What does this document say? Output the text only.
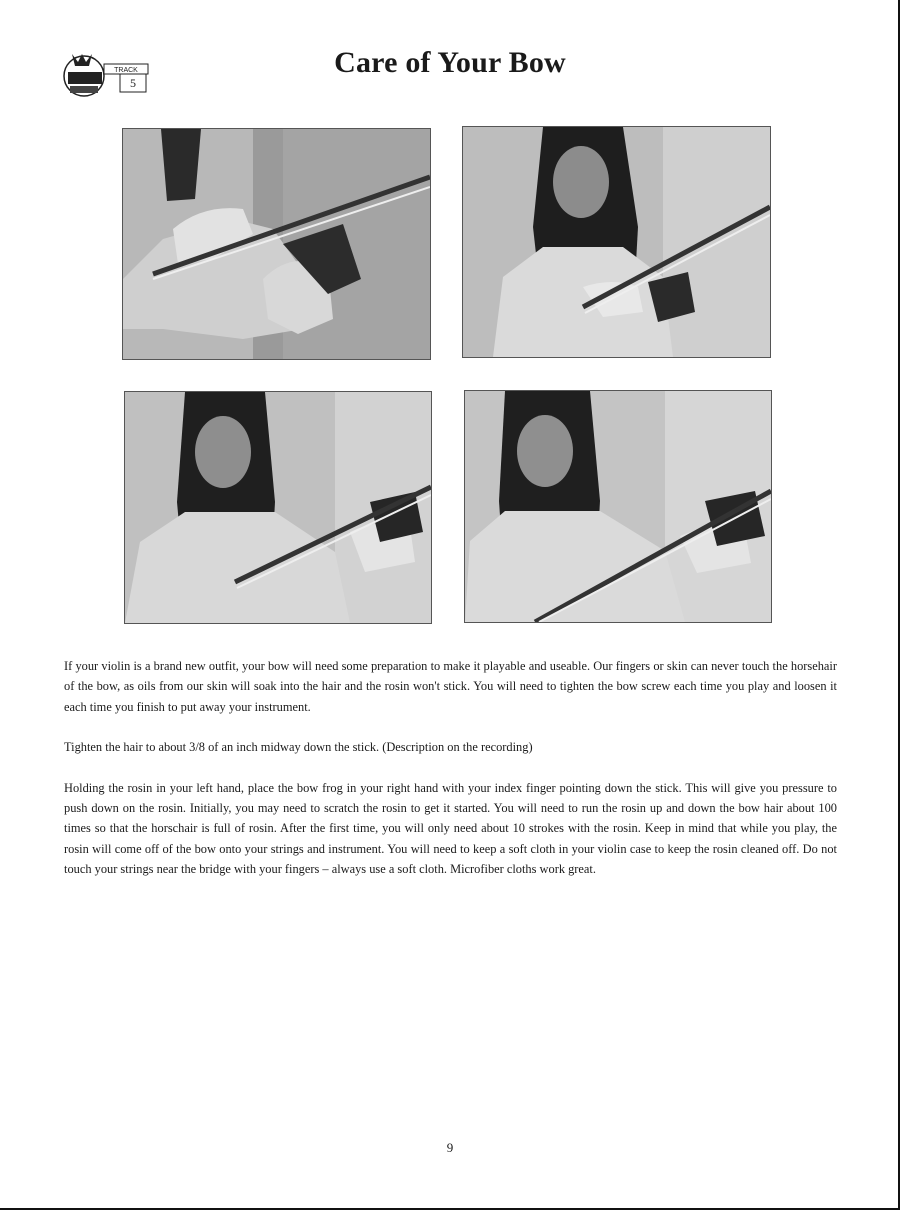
TRACK
5
Care of Your Bow

If your violin is a brand new outfit, your bow will need some preparation to make it playable and useable. Our fingers or skin can never touch the horsehair of the bow, as oils from our skin will soak into the hair and the rosin won't stick. You will need to tighten the bow screw each time you play and loosen it each time you finish to put away your instrument.

Tighten the hair to about 3/8 of an inch midway down the stick. (Description on the recording)

Holding the rosin in your left hand, place the bow frog in your right hand with your index finger pointing down the stick. This will give you pressure to push down on the rosin. Initially, you may need to scratch the rosin to get it started. You will need to run the rosin up and down the bow hair about 100 times so that the horschair is full of rosin. After the first time, you will only need about 10 strokes with the rosin. Keep in mind that while you play, the rosin will come off of the bow onto your strings and instrument. You will need to keep a soft cloth in your violin case to keep the rosin cleaned off. Do not touch your strings near the bridge with your fingers – always use a soft cloth. Microfiber cloths work great.

9
